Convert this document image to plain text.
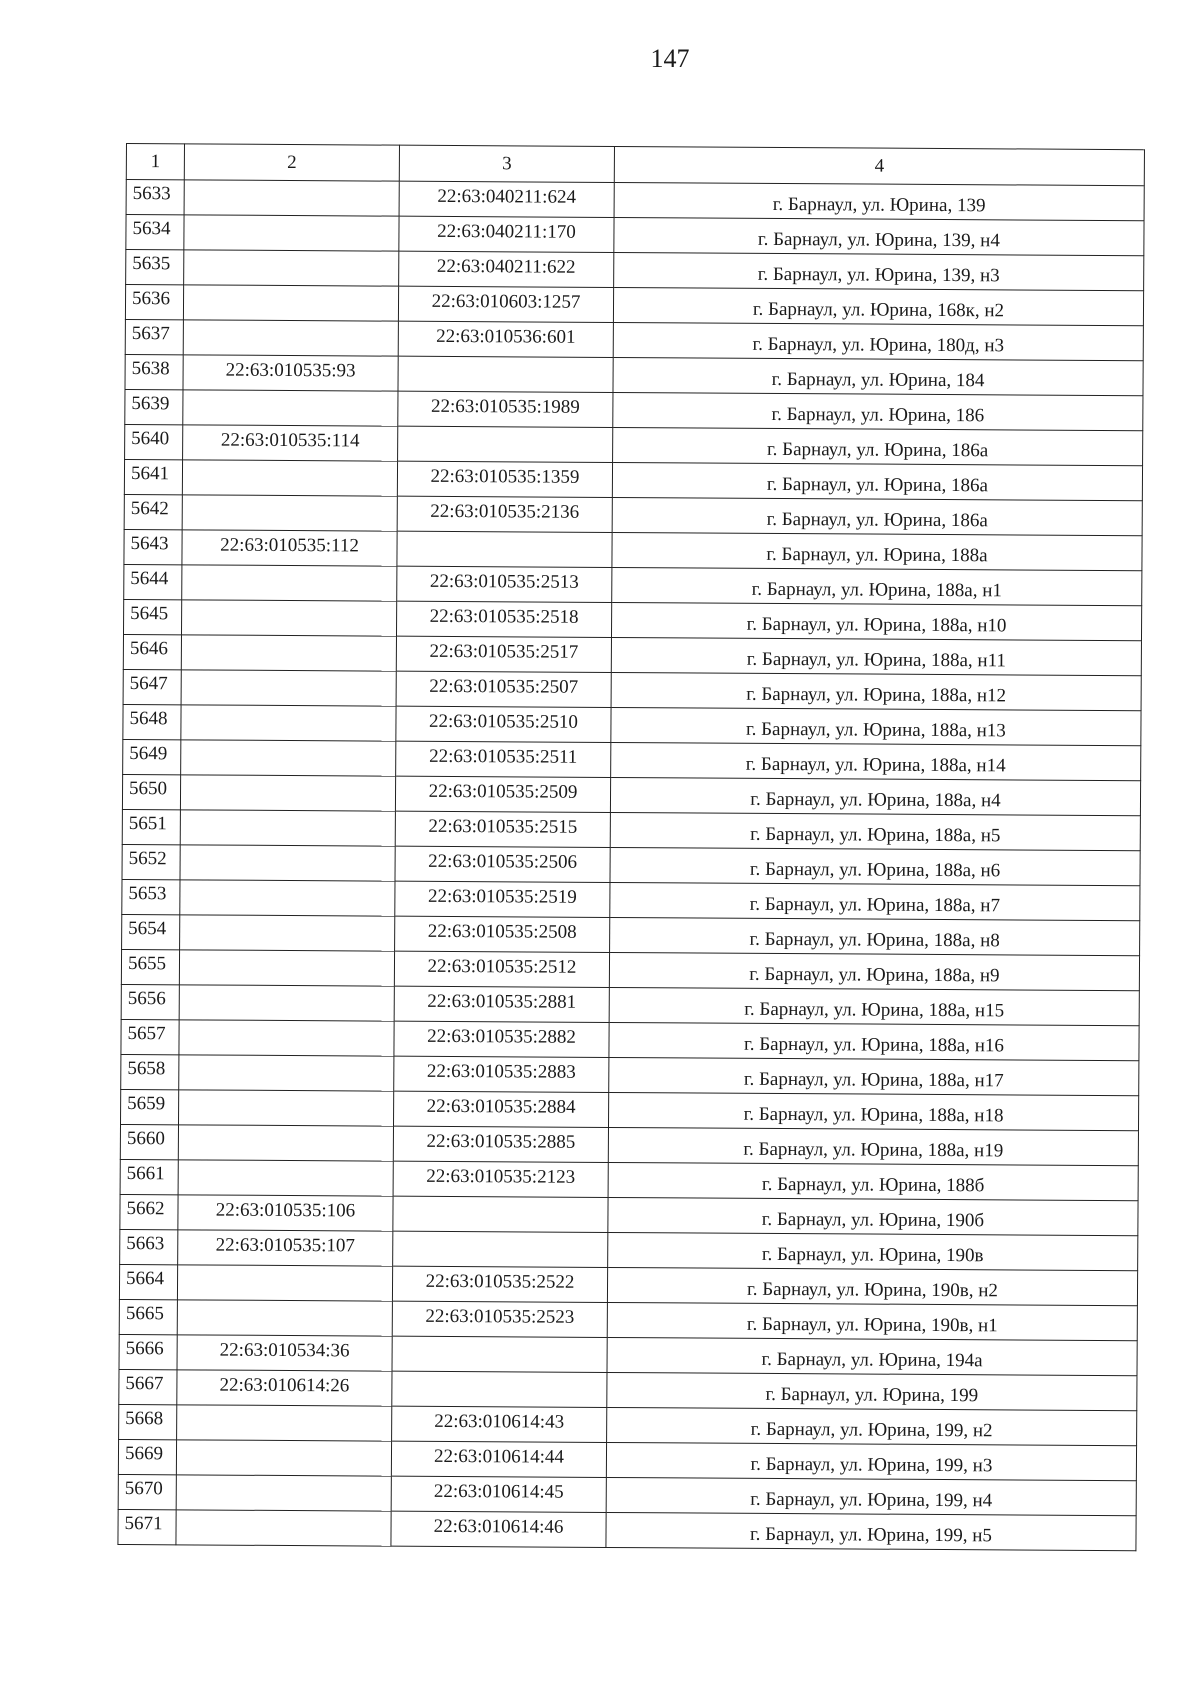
147
1	2	3	4
5633		22:63:040211:624	г. Барнаул, ул. Юрина, 139
5634		22:63:040211:170	г. Барнаул, ул. Юрина, 139, н4
5635		22:63:040211:622	г. Барнаул, ул. Юрина, 139, н3
5636		22:63:010603:1257	г. Барнаул, ул. Юрина, 168к, н2
5637		22:63:010536:601	г. Барнаул, ул. Юрина, 180д, н3
5638	22:63:010535:93		г. Барнаул, ул. Юрина, 184
5639		22:63:010535:1989	г. Барнаул, ул. Юрина, 186
5640	22:63:010535:114		г. Барнаул, ул. Юрина, 186а
5641		22:63:010535:1359	г. Барнаул, ул. Юрина, 186а
5642		22:63:010535:2136	г. Барнаул, ул. Юрина, 186а
5643	22:63:010535:112		г. Барнаул, ул. Юрина, 188а
5644		22:63:010535:2513	г. Барнаул, ул. Юрина, 188а, н1
5645		22:63:010535:2518	г. Барнаул, ул. Юрина, 188а, н10
5646		22:63:010535:2517	г. Барнаул, ул. Юрина, 188а, н11
5647		22:63:010535:2507	г. Барнаул, ул. Юрина, 188а, н12
5648		22:63:010535:2510	г. Барнаул, ул. Юрина, 188а, н13
5649		22:63:010535:2511	г. Барнаул, ул. Юрина, 188а, н14
5650		22:63:010535:2509	г. Барнаул, ул. Юрина, 188а, н4
5651		22:63:010535:2515	г. Барнаул, ул. Юрина, 188а, н5
5652		22:63:010535:2506	г. Барнаул, ул. Юрина, 188а, н6
5653		22:63:010535:2519	г. Барнаул, ул. Юрина, 188а, н7
5654		22:63:010535:2508	г. Барнаул, ул. Юрина, 188а, н8
5655		22:63:010535:2512	г. Барнаул, ул. Юрина, 188а, н9
5656		22:63:010535:2881	г. Барнаул, ул. Юрина, 188а, н15
5657		22:63:010535:2882	г. Барнаул, ул. Юрина, 188а, н16
5658		22:63:010535:2883	г. Барнаул, ул. Юрина, 188а, н17
5659		22:63:010535:2884	г. Барнаул, ул. Юрина, 188а, н18
5660		22:63:010535:2885	г. Барнаул, ул. Юрина, 188а, н19
5661		22:63:010535:2123	г. Барнаул, ул. Юрина, 188б
5662	22:63:010535:106		г. Барнаул, ул. Юрина, 190б
5663	22:63:010535:107		г. Барнаул, ул. Юрина, 190в
5664		22:63:010535:2522	г. Барнаул, ул. Юрина, 190в, н2
5665		22:63:010535:2523	г. Барнаул, ул. Юрина, 190в, н1
5666	22:63:010534:36		г. Барнаул, ул. Юрина, 194а
5667	22:63:010614:26		г. Барнаул, ул. Юрина, 199
5668		22:63:010614:43	г. Барнаул, ул. Юрина, 199, н2
5669		22:63:010614:44	г. Барнаул, ул. Юрина, 199, н3
5670		22:63:010614:45	г. Барнаул, ул. Юрина, 199, н4
5671		22:63:010614:46	г. Барнаул, ул. Юрина, 199, н5
